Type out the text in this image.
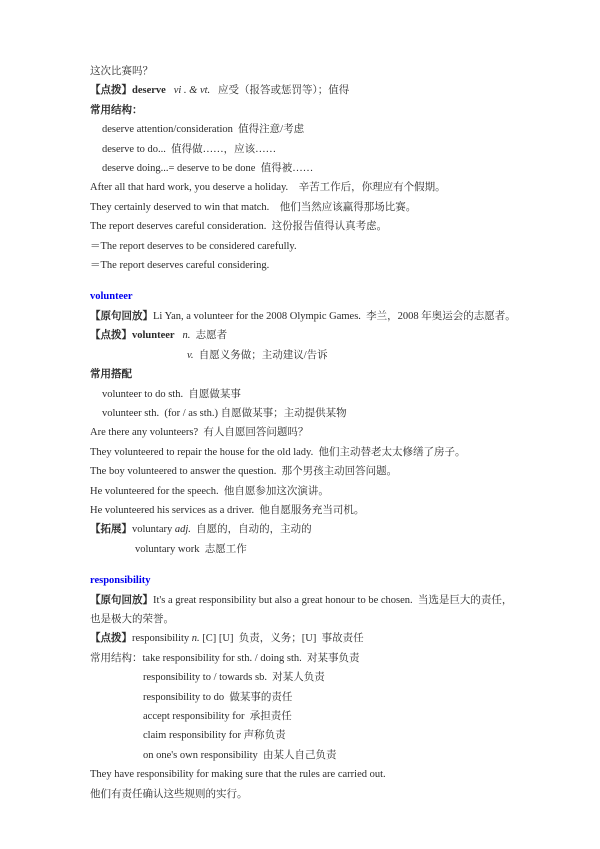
这次比赛吗？
【点拨】deserve vi . & vt.   应受（报答或惩罚等）；值得
常用结构：
deserve attention/consideration  值得注意/考虑
deserve to do...  值得做……，应该……
deserve doing...= deserve to be done  值得被……
After all that hard work, you deserve a holiday.　辛苦工作后，你理应有个假期。
They certainly deserved to win that match.　他们当然应该赢得那场比赛。
The report deserves careful consideration.  这份报告值得认真考虑。
＝The report deserves to be considered carefully.
＝The report deserves careful considering.
volunteer
【原句回放】Li Yan, a volunteer for the 2008 Olympic Games.  李兰，2008 年奥运会的志愿者。
【点拨】volunteer n.  志愿者
v.  自愿义务做；主动建议/告诉
常用搭配
volunteer to do sth.  自愿做某事
volunteer sth.  (for / as sth.) 自愿做某事；主动提供某物
Are there any volunteers?  有人自愿回答问题吗？
They volunteered to repair the house for the old lady.  他们主动替老太太修缮了房子。
The boy volunteered to answer the question.  那个男孩主动回答问题。
He volunteered for the speech.  他自愿参加这次演讲。
He volunteered his services as a driver.  他自愿服务充当司机。
【拓展】voluntary adj.  自愿的，自动的，主动的
voluntary work  志愿工作
responsibility
【原句回放】It's a great responsibility but also a great honour to be chosen.  当选是巨大的责任，
也是极大的荣誉。
【点拨】responsibility n. [C] [U]  负责，义务；[U]  事故责任
常用结构：take responsibility for sth. / doing sth.  对某事负责
responsibility to / towards sb.  对某人负责
responsibility to do  做某事的责任
accept responsibility for  承担责任
claim responsibility for 声称负责
on one's own responsibility  由某人自己负责
They have responsibility for making sure that the rules are carried out.
他们有责任确认这些规则的实行。
